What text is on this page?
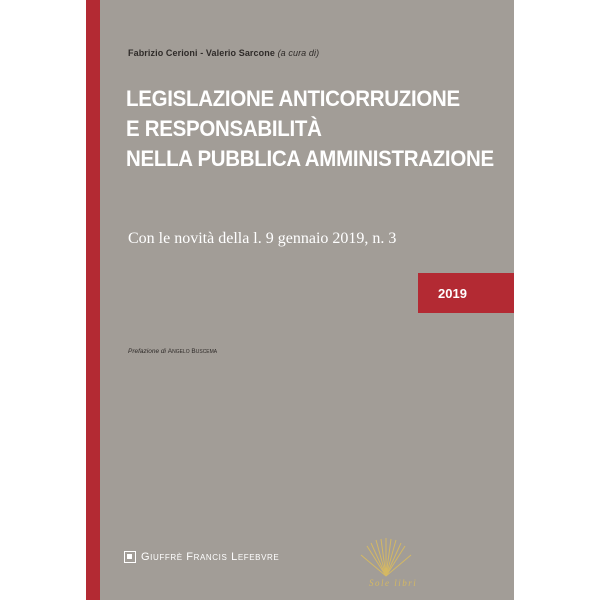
Fabrizio Cerioni - Valerio Sarcone (a cura di)
LEGISLAZIONE ANTICORRUZIONE
E RESPONSABILITÀ
NELLA PUBBLICA AMMINISTRAZIONE
Con le novità della l. 9 gennaio 2019, n. 3
2019
Prefazione di Angelo Buscema
Giuffrè Francis Lefebvre
Sole libri
